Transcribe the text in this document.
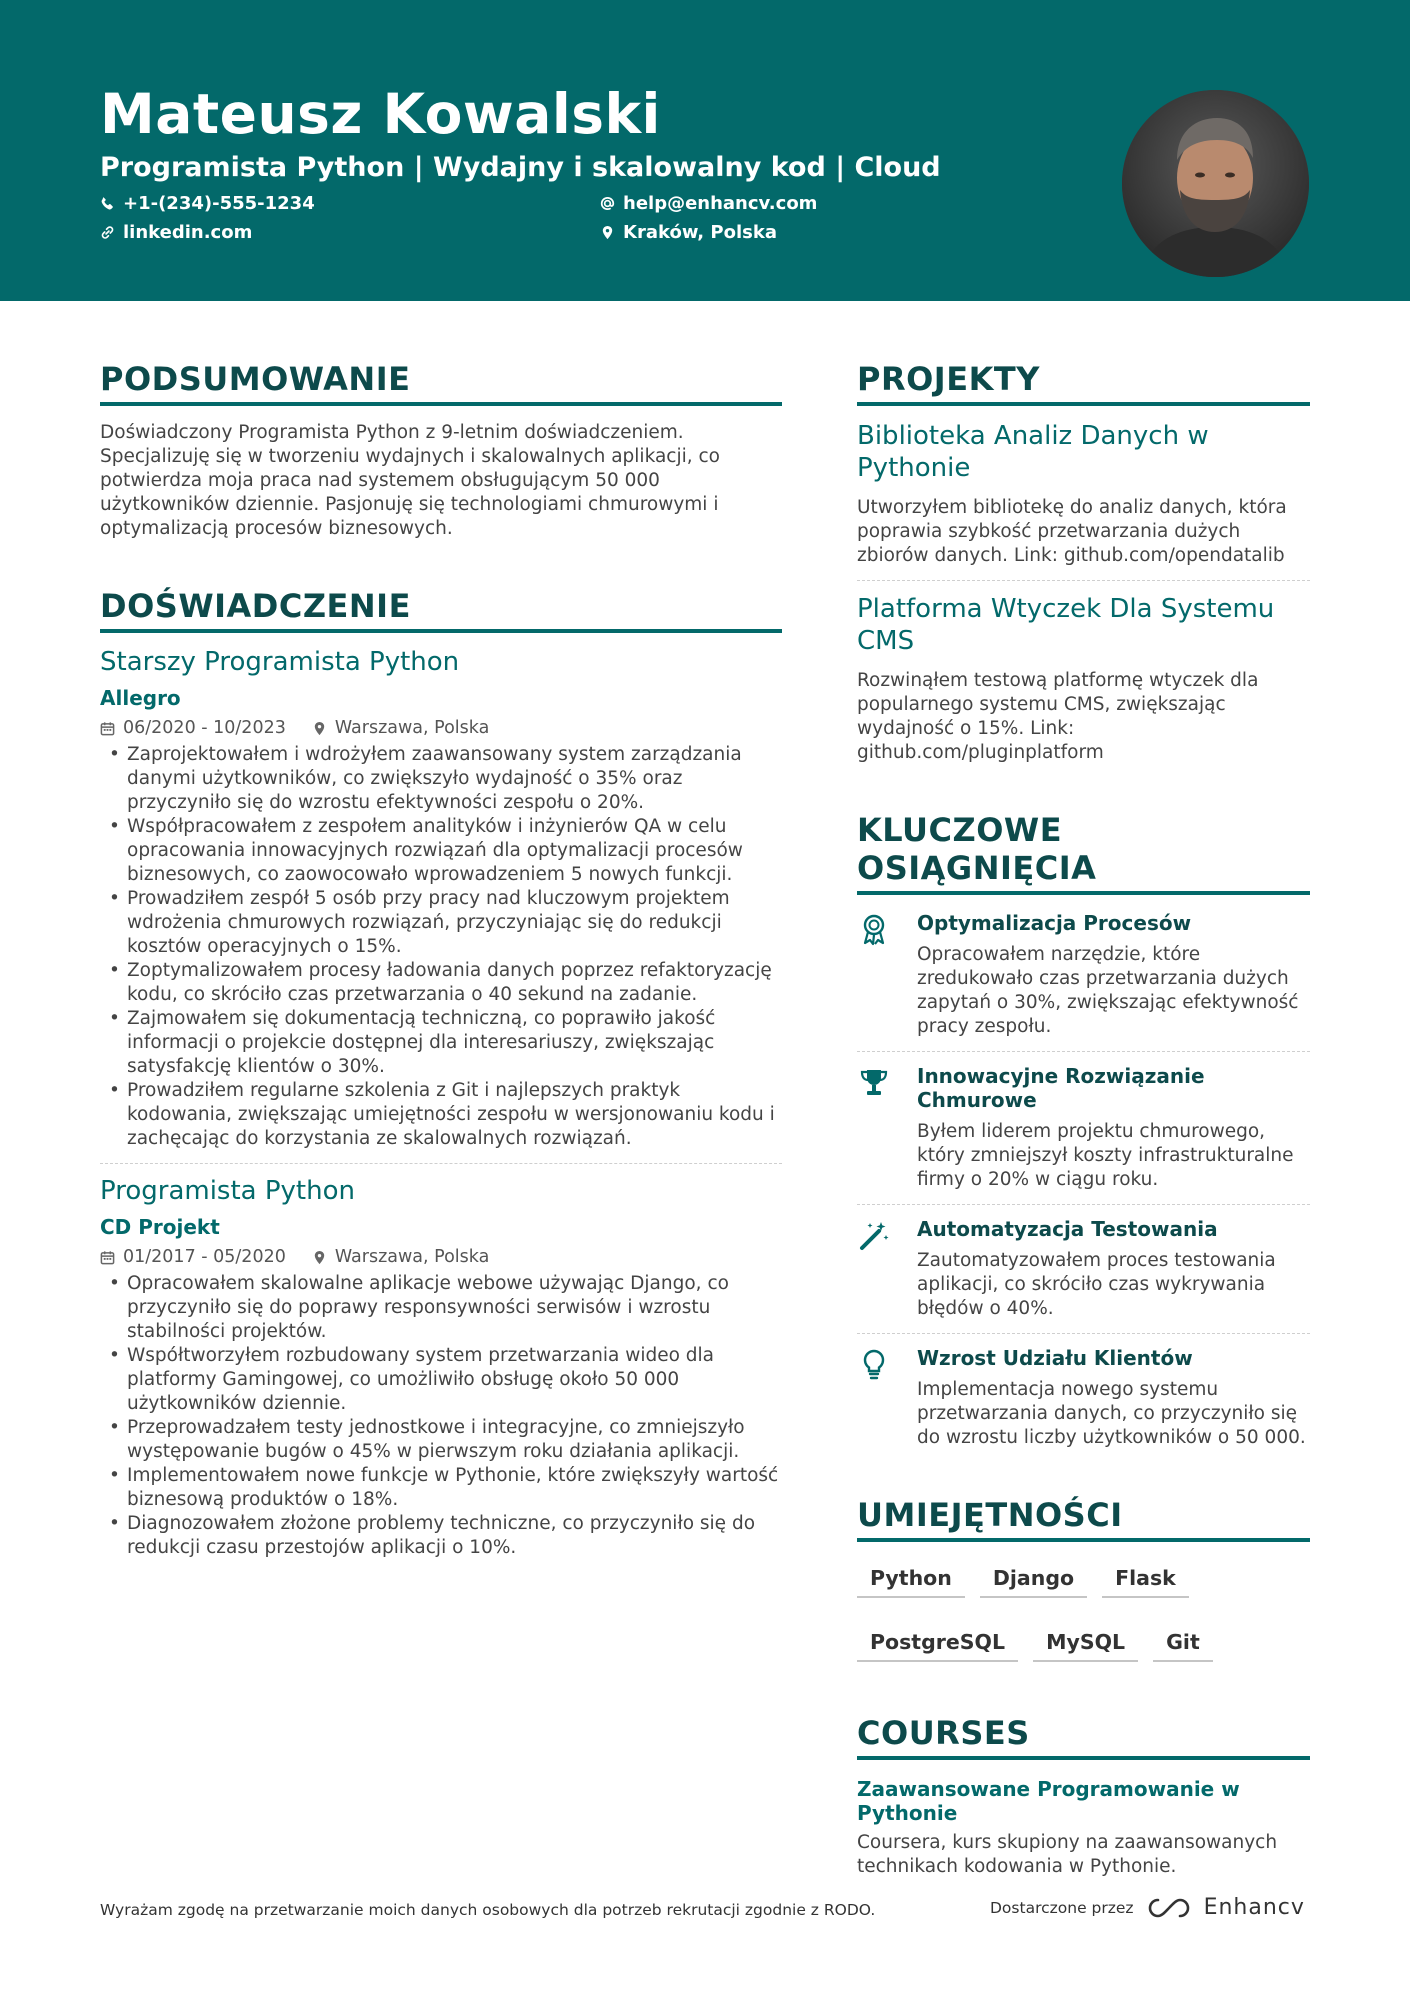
Mateusz Kowalski
Programista Python | Wydajny i skalowalny kod | Cloud
+1-(234)-555-1234	help@enhancv.com
linkedin.com	Kraków, Polska
PODSUMOWANIE
Doświadczony Programista Python z 9-letnim doświadczeniem. Specjalizuję się w tworzeniu wydajnych i skalowalnych aplikacji, co potwierdza moja praca nad systemem obsługującym 50 000 użytkowników dziennie. Pasjonuję się technologiami chmurowymi i optymalizacją procesów biznesowych.
DOŚWIADCZENIE
Starszy Programista Python
Allegro
06/2020 - 10/2023	Warszawa, Polska
• Zaprojektowałem i wdrożyłem zaawansowany system zarządzania danymi użytkowników, co zwiększyło wydajność o 35% oraz przyczyniło się do wzrostu efektywności zespołu o 20%.
• Współpracowałem z zespołem analityków i inżynierów QA w celu opracowania innowacyjnych rozwiązań dla optymalizacji procesów biznesowych, co zaowocowało wprowadzeniem 5 nowych funkcji.
• Prowadziłem zespół 5 osób przy pracy nad kluczowym projektem wdrożenia chmurowych rozwiązań, przyczyniając się do redukcji kosztów operacyjnych o 15%.
• Zoptymalizowałem procesy ładowania danych poprzez refaktoryzację kodu, co skróciło czas przetwarzania o 40 sekund na zadanie.
• Zajmowałem się dokumentacją techniczną, co poprawiło jakość informacji o projekcie dostępnej dla interesariuszy, zwiększając satysfakcję klientów o 30%.
• Prowadziłem regularne szkolenia z Git i najlepszych praktyk kodowania, zwiększając umiejętności zespołu w wersjonowaniu kodu i zachęcając do korzystania ze skalowalnych rozwiązań.
Programista Python
CD Projekt
01/2017 - 05/2020	Warszawa, Polska
• Opracowałem skalowalne aplikacje webowe używając Django, co przyczyniło się do poprawy responsywności serwisów i wzrostu stabilności projektów.
• Współtworzyłem rozbudowany system przetwarzania wideo dla platformy Gamingowej, co umożliwiło obsługę około 50 000 użytkowników dziennie.
• Przeprowadzałem testy jednostkowe i integracyjne, co zmniejszyło występowanie bugów o 45% w pierwszym roku działania aplikacji.
• Implementowałem nowe funkcje w Pythonie, które zwiększyły wartość biznesową produktów o 18%.
• Diagnozowałem złożone problemy techniczne, co przyczyniło się do redukcji czasu przestojów aplikacji o 10%.
PROJEKTY
Biblioteka Analiz Danych w Pythonie
Utworzyłem bibliotekę do analiz danych, która poprawia szybkość przetwarzania dużych zbiorów danych. Link: github.com/opendatalib
Platforma Wtyczek Dla Systemu CMS
Rozwinąłem testową platformę wtyczek dla popularnego systemu CMS, zwiększając wydajność o 15%. Link: github.com/pluginplatform
KLUCZOWE OSIĄGNIĘCIA
Optymalizacja Procesów
Opracowałem narzędzie, które zredukowało czas przetwarzania dużych zapytań o 30%, zwiększając efektywność pracy zespołu.
Innowacyjne Rozwiązanie Chmurowe
Byłem liderem projektu chmurowego, który zmniejszył koszty infrastrukturalne firmy o 20% w ciągu roku.
Automatyzacja Testowania
Zautomatyzowałem proces testowania aplikacji, co skróciło czas wykrywania błędów o 40%.
Wzrost Udziału Klientów
Implementacja nowego systemu przetwarzania danych, co przyczyniło się do wzrostu liczby użytkowników o 50 000.
UMIEJĘTNOŚCI
Python	Django	Flask
PostgreSQL	MySQL	Git
COURSES
Zaawansowane Programowanie w Pythonie
Coursera, kurs skupiony na zaawansowanych technikach kodowania w Pythonie.
Wyrażam zgodę na przetwarzanie moich danych osobowych dla potrzeb rekrutacji zgodnie z RODO.	Dostarczone przez	Enhancv
